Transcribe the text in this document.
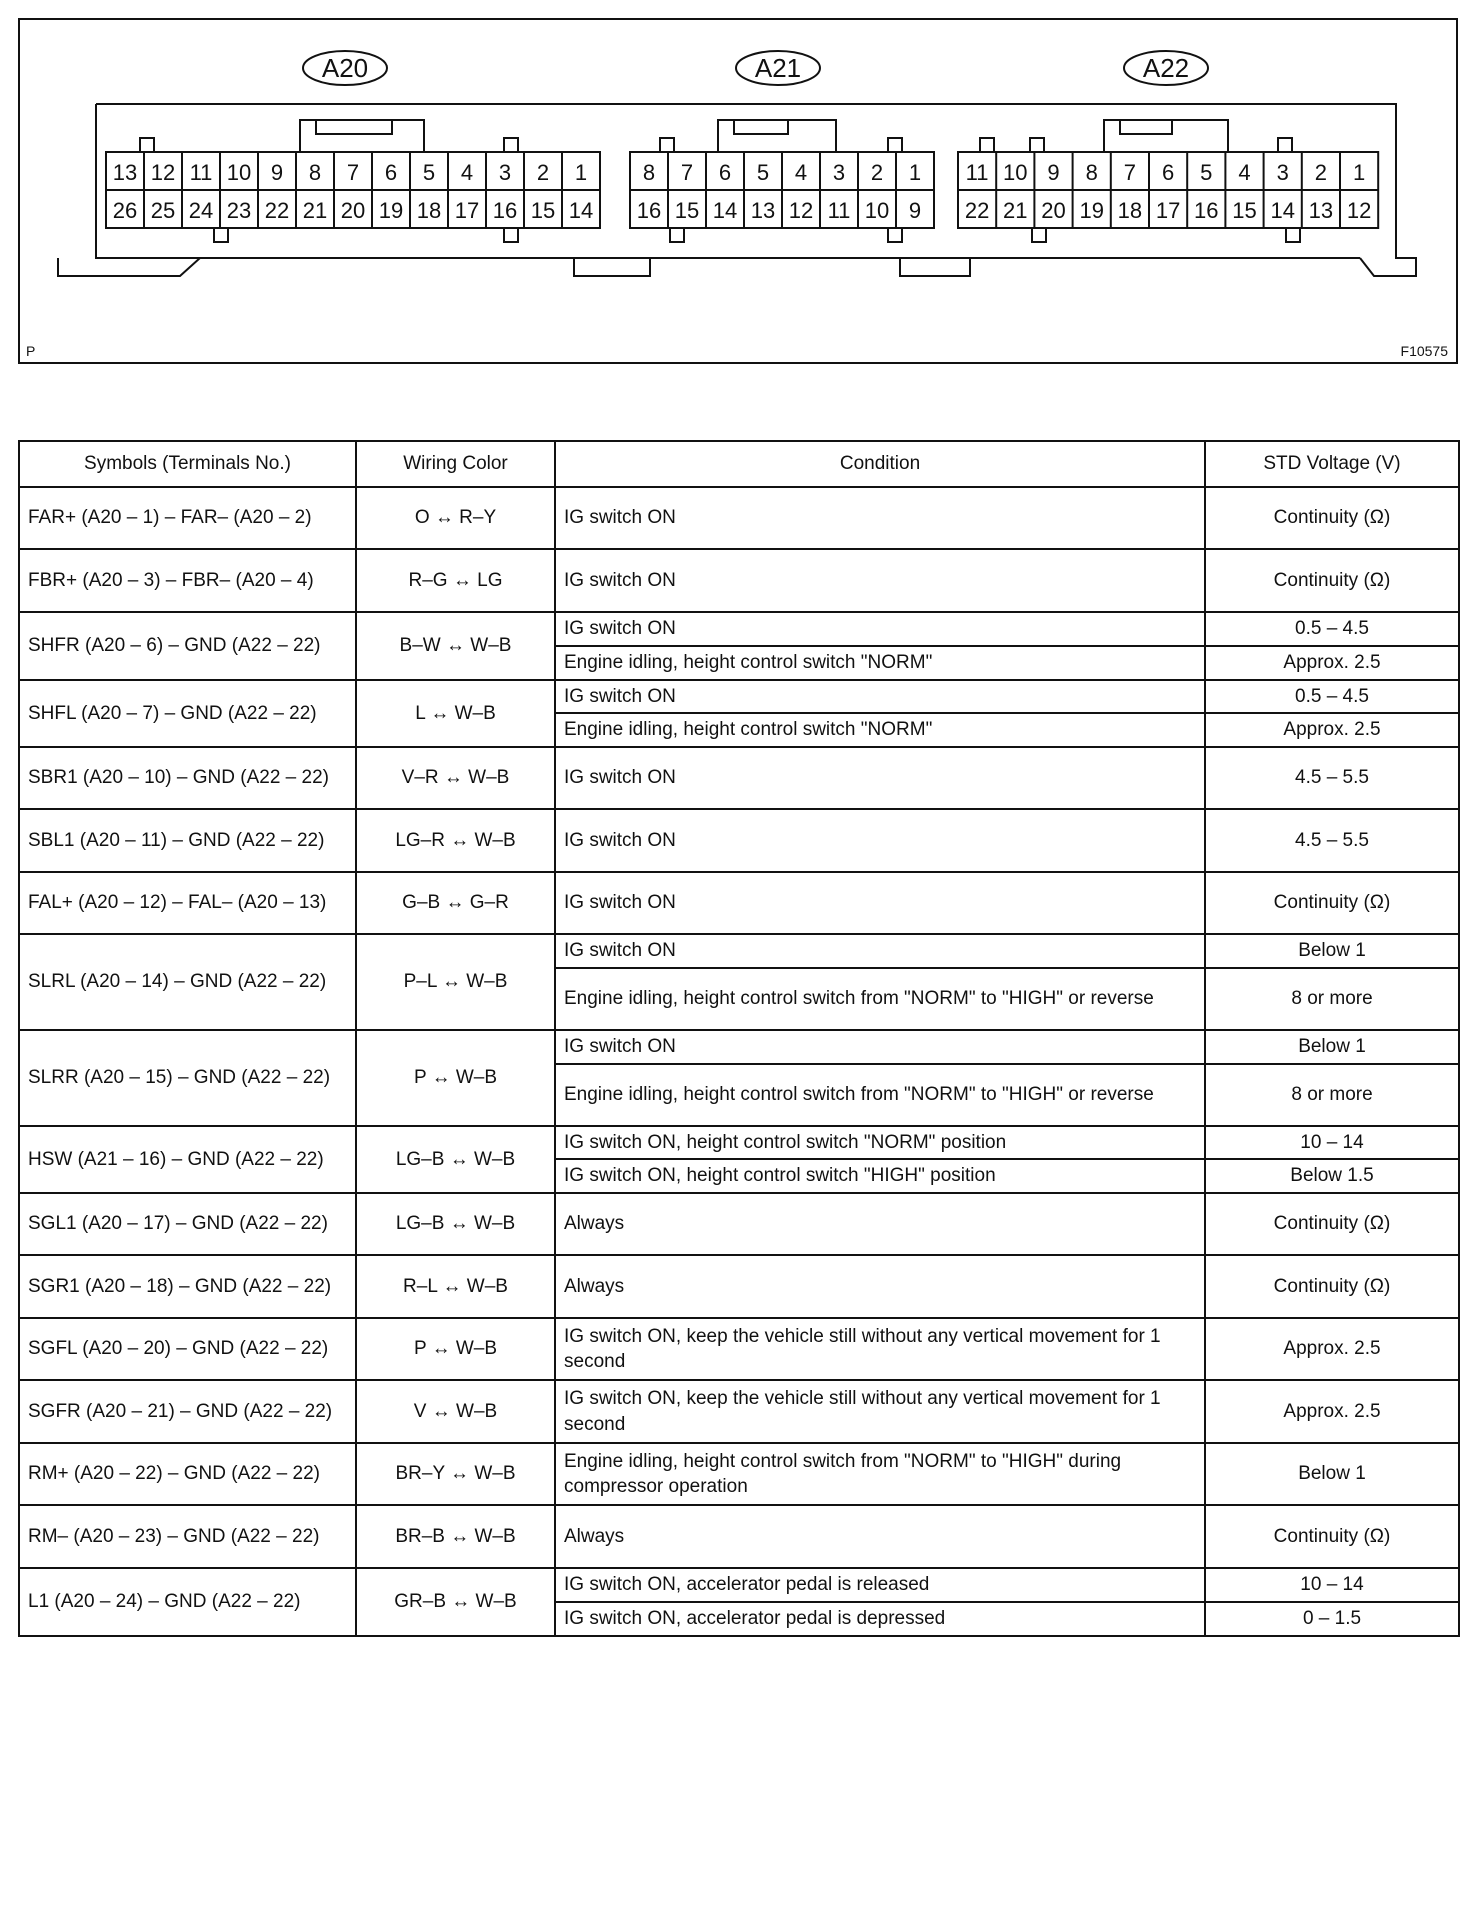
A20
13 12 11 10 9 8 7 6 5 4 3 2 1
26 25 24 23 22 21 20 19 18 17 16 15 14
A21
8 7 6 5 4 3 2 1
16 15 14 13 12 11 10 9
A22
11 10 9 8 7 6 5 4 3 2 1
22 21 20 19 18 17 16 15 14 13 12
P	F10575
Symbols (Terminals No.)	Wiring Color	Condition	STD Voltage (V)
FAR+ (A20 – 1) – FAR– (A20 – 2)	O ↔ R–Y	IG switch ON	Continuity (Ω)
FBR+ (A20 – 3) – FBR– (A20 – 4)	R–G ↔ LG	IG switch ON	Continuity (Ω)
SHFR (A20 – 6) – GND (A22 – 22)	B–W ↔ W–B	IG switch ON	0.5 – 4.5
		Engine idling, height control switch "NORM"	Approx. 2.5
SHFL (A20 – 7) – GND (A22 – 22)	L ↔ W–B	IG switch ON	0.5 – 4.5
		Engine idling, height control switch "NORM"	Approx. 2.5
SBR1 (A20 – 10) – GND (A22 – 22)	V–R ↔ W–B	IG switch ON	4.5 – 5.5
SBL1 (A20 – 11) – GND (A22 – 22)	LG–R ↔ W–B	IG switch ON	4.5 – 5.5
FAL+ (A20 – 12) – FAL– (A20 – 13)	G–B ↔ G–R	IG switch ON	Continuity (Ω)
SLRL (A20 – 14) – GND (A22 – 22)	P–L ↔ W–B	IG switch ON	Below 1
		Engine idling, height control switch from "NORM" to "HIGH" or reverse	8 or more
SLRR (A20 – 15) – GND (A22 – 22)	P ↔ W–B	IG switch ON	Below 1
		Engine idling, height control switch from "NORM" to "HIGH" or reverse	8 or more
HSW (A21 – 16) – GND (A22 – 22)	LG–B ↔ W–B	IG switch ON, height control switch "NORM" position	10 – 14
		IG switch ON, height control switch "HIGH" position	Below 1.5
SGL1 (A20 – 17) – GND (A22 – 22)	LG–B ↔ W–B	Always	Continuity (Ω)
SGR1 (A20 – 18) – GND (A22 – 22)	R–L ↔ W–B	Always	Continuity (Ω)
SGFL (A20 – 20) – GND (A22 – 22)	P ↔ W–B	IG switch ON, keep the vehicle still without any vertical movement for 1 second	Approx. 2.5
SGFR (A20 – 21) – GND (A22 – 22)	V ↔ W–B	IG switch ON, keep the vehicle still without any vertical movement for 1 second	Approx. 2.5
RM+ (A20 – 22) – GND (A22 – 22)	BR–Y ↔ W–B	Engine idling, height control switch from "NORM" to "HIGH" during compressor operation	Below 1
RM– (A20 – 23) – GND (A22 – 22)	BR–B ↔ W–B	Always	Continuity (Ω)
L1 (A20 – 24) – GND (A22 – 22)	GR–B ↔ W–B	IG switch ON, accelerator pedal is released	10 – 14
		IG switch ON, accelerator pedal is depressed	0 – 1.5
